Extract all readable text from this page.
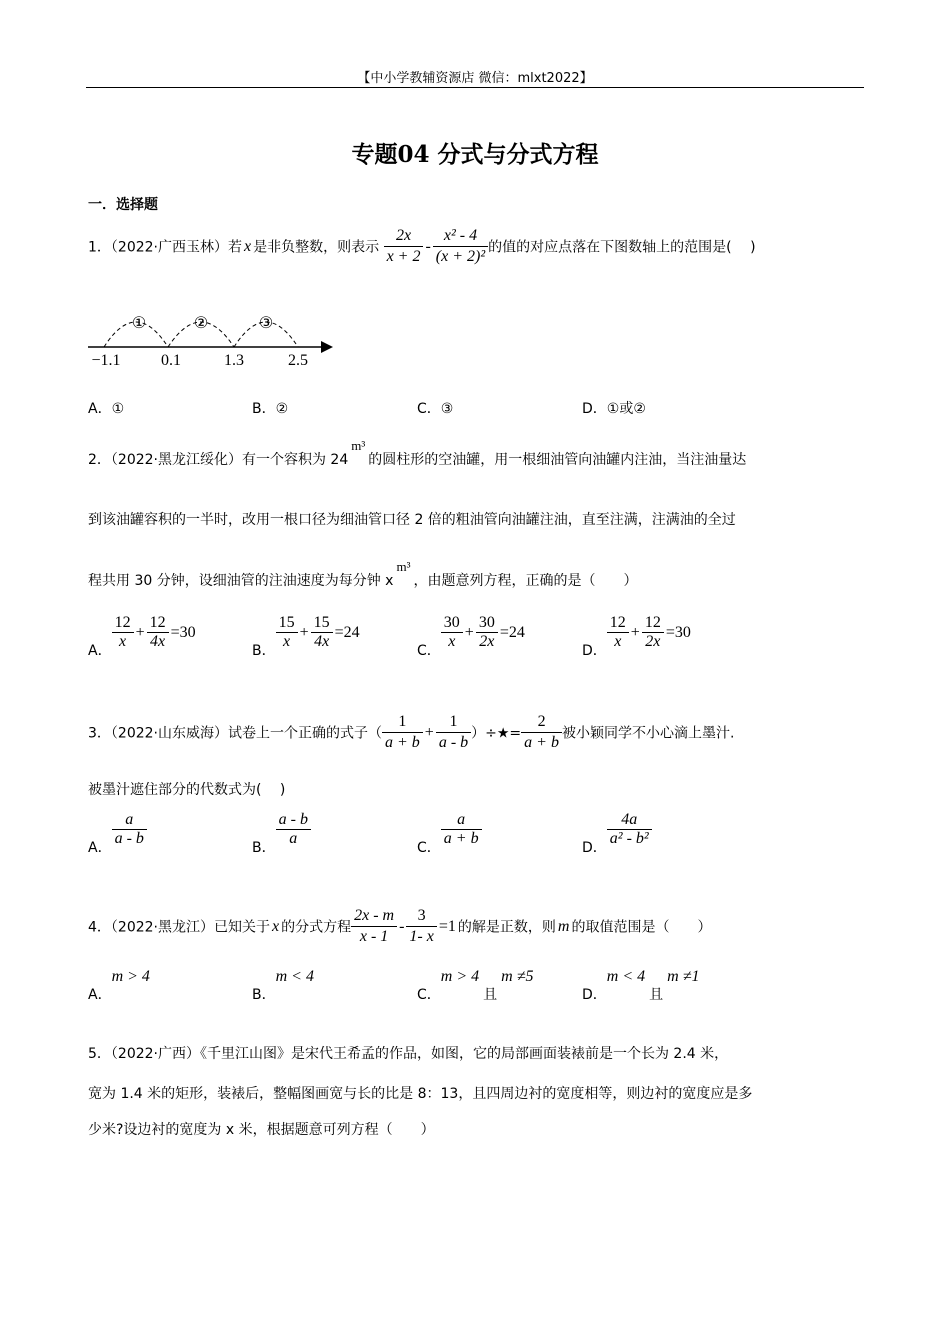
【中小学教辅资源店 微信：mlxt2022】
专题04 分式与分式方程
一．选择题
1．（2022·广西玉林）若 x 是非负整数，则表示 $\frac{2x}{x + 2} - \frac{\text{x² - 4}}{\text{(x + 2)²}}$ 的值的对应点落在下图数轴上的范围是(　 )
①	②	③
−1.1	0.1	1.3	2.5
A．①	B．②	C．③	D．①或②
2．（2022·黑龙江绥化）有一个容积为 24m³的圆柱形的空油罐，用一根细油管向油罐内注油，当注油量达
到该油罐容积的一半时，改用一根口径为细油管口径 2 倍的粗油管向油罐注油，直至注满，注满油的全过
程共用 30 分钟，设细油管的注油速度为每分钟 xm³，由题意列方程，正确的是（　　）
A． $\frac{12}{x} + \frac{12}{4x} =30$
B． $\frac{15}{x} + \frac{15}{4x} =24$
C． $\frac{30}{x} + \frac{30}{2x} =24$
D． $\frac{12}{x} + \frac{12}{2x} =30$
3．（2022·山东威海）试卷上一个正确的式子（ $\frac{1}{a + b} + \frac{1}{a - b}$ ）÷★= $\frac{2}{a + b}$ 被小颖同学不小心滴上墨汁.
被墨汁遮住部分的代数式为(　 )
A． $\frac{a}{a - b}$	B． $\frac{a - b}{a}$	C． $\frac{a}{a + b}$	D． $\frac{4a}{\text{a² - b²}}$
4．（2022·黑龙江）已知关于 x 的分式方程 $\frac{2x - m}{x - 1} - \frac{3}{1- x} =1$ 的解是正数，则 m 的取值范围是（　　）
A．m > 4
B．m < 4
C．m > 4且m ≠5
D．m < 4且m ≠1
5．（2022·广西）《千里江山图》是宋代王希孟的作品，如图，它的局部画面装裱前是一个长为 2.4 米，
宽为 1.4 米的矩形，装裱后，整幅图画宽与长的比是 8：13，且四周边衬的宽度相等，则边衬的宽度应是多
少米?设边衬的宽度为 x 米，根据题意可列方程（　　）
